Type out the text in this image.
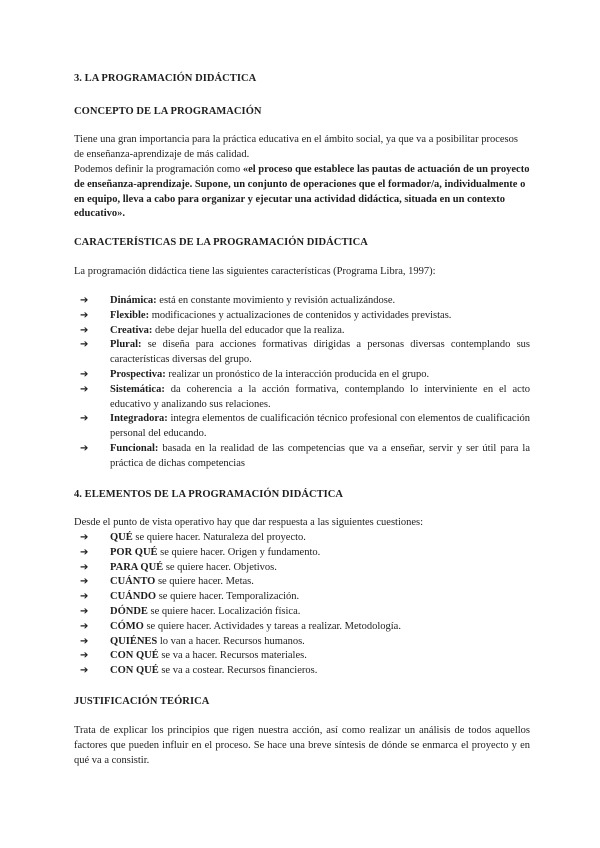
3. LA PROGRAMACIÓN DIDÁCTICA
CONCEPTO DE LA PROGRAMACIÓN
Tiene una gran importancia para la práctica educativa en el ámbito social, ya que va a posibilitar procesos de enseñanza-aprendizaje de más calidad.
Podemos definir la programación como «el proceso que establece las pautas de actuación de un proyecto de enseñanza-aprendizaje. Supone, un conjunto de operaciones que el formador/a, individualmente o en equipo, lleva a cabo para organizar y ejecutar una actividad didáctica, situada en un contexto educativo».
CARACTERÍSTICAS DE LA PROGRAMACIÓN DIDÁCTICA
La programación didáctica tiene las siguientes características (Programa Libra, 1997):
➔ Dinámica: está en constante movimiento y revisión actualizándose.
➔ Flexible: modificaciones y actualizaciones de contenidos y actividades previstas.
➔ Creativa: debe dejar huella del educador que la realiza.
➔ Plural: se diseña para acciones formativas dirigidas a personas diversas contemplando sus características diversas del grupo.
➔ Prospectiva: realizar un pronóstico de la interacción producida en el grupo.
➔ Sistemática: da coherencia a la acción formativa, contemplando lo interviniente en el acto educativo y analizando sus relaciones.
➔ Integradora: integra elementos de cualificación técnico profesional con elementos de cualificación personal del educando.
➔ Funcional: basada en la realidad de las competencias que va a enseñar, servir y ser útil para la práctica de dichas competencias
4. ELEMENTOS DE LA PROGRAMACIÓN DIDÁCTICA
Desde el punto de vista operativo hay que dar respuesta a las siguientes cuestiones:
➔ QUÉ se quiere hacer. Naturaleza del proyecto.
➔ POR QUÉ se quiere hacer. Origen y fundamento.
➔ PARA QUÉ se quiere hacer. Objetivos.
➔ CUÁNTO se quiere hacer. Metas.
➔ CUÁNDO se quiere hacer. Temporalización.
➔ DÓNDE se quiere hacer. Localización física.
➔ CÓMO se quiere hacer. Actividades y tareas a realizar. Metodología.
➔ QUIÉNES lo van a hacer. Recursos humanos.
➔ CON QUÉ se va a hacer. Recursos materiales.
➔ CON QUÉ se va a costear. Recursos financieros.
JUSTIFICACIÓN TEÓRICA
Trata de explicar los principios que rigen nuestra acción, así como realizar un análisis de todos aquellos factores que pueden influir en el proceso. Se hace una breve síntesis de dónde se enmarca el proyecto y en qué va a consistir.
